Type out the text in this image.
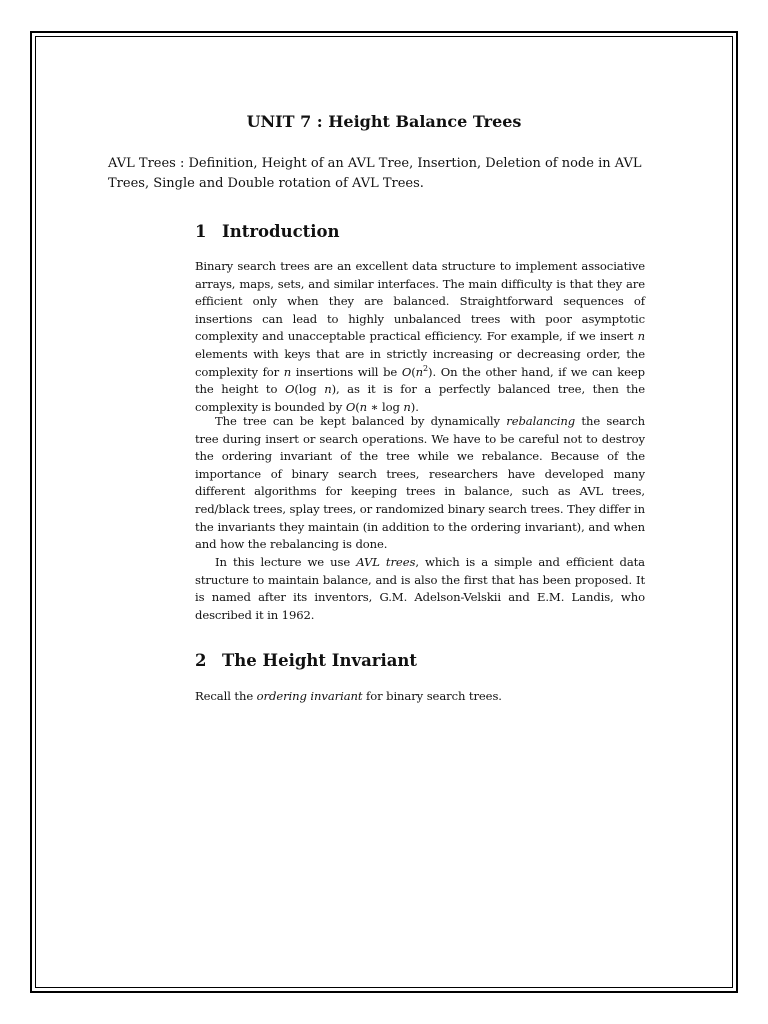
UNIT 7 : Height Balance Trees

AVL Trees : Definition, Height of an AVL Tree, Insertion, Deletion of node in AVL Trees, Single and Double rotation of AVL Trees.

1 Introduction

Binary search trees are an excellent data structure to implement associative arrays, maps, sets, and similar interfaces. The main difficulty is that they are efficient only when they are balanced. Straightforward sequences of insertions can lead to highly unbalanced trees with poor asymptotic complexity and unacceptable practical efficiency. For example, if we insert n elements with keys that are in strictly increasing or decreasing order, the complexity for n insertions will be $O(n^2)$. On the other hand, if we can keep the height to O(log n), as it is for a perfectly balanced tree, then the complexity is bounded by O(n ∗ log n).

The tree can be kept balanced by dynamically rebalancing the search tree during insert or search operations. We have to be careful not to destroy the ordering invariant of the tree while we rebalance. Because of the importance of binary search trees, researchers have developed many different algorithms for keeping trees in balance, such as AVL trees, red/black trees, splay trees, or randomized binary search trees. They differ in the invariants they maintain (in addition to the ordering invariant), and when and how the rebalancing is done.

In this lecture we use AVL trees, which is a simple and efficient data structure to maintain balance, and is also the first that has been proposed. It is named after its inventors, G.M. Adelson-Velskii and E.M. Landis, who described it in 1962.

2 The Height Invariant

Recall the ordering invariant for binary search trees.
